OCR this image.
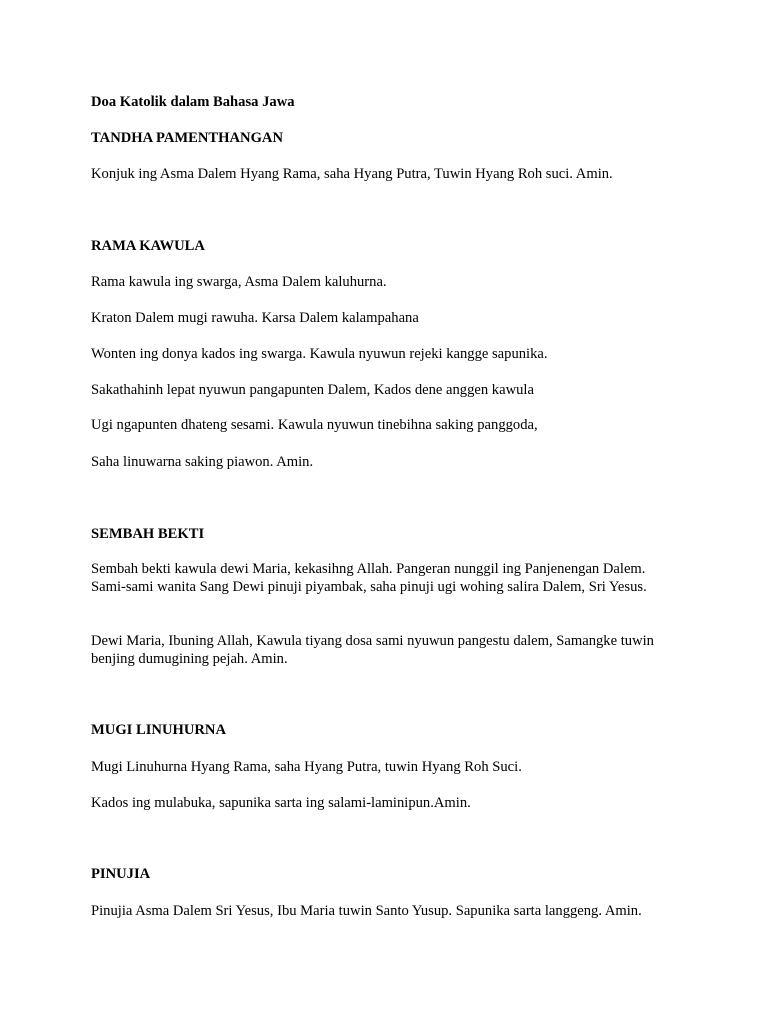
Doa Katolik dalam Bahasa Jawa

TANDHA PAMENTHANGAN

Konjuk ing Asma Dalem Hyang Rama, saha Hyang Putra, Tuwin Hyang Roh suci. Amin.

RAMA KAWULA

Rama kawula ing swarga, Asma Dalem kaluhurna.

Kraton Dalem mugi rawuha. Karsa Dalem kalampahana

Wonten ing donya kados ing swarga. Kawula nyuwun rejeki kangge sapunika.

Sakathahinh lepat nyuwun pangapunten Dalem, Kados dene anggen kawula

Ugi ngapunten dhateng sesami. Kawula nyuwun tinebihna saking panggoda,

Saha linuwarna saking piawon. Amin.

SEMBAH BEKTI

Sembah bekti kawula dewi Maria, kekasihng Allah. Pangeran nunggil ing Panjenengan Dalem. Sami-sami wanita Sang Dewi pinuji piyambak, saha pinuji ugi wohing salira Dalem, Sri Yesus.

Dewi Maria, Ibuning Allah, Kawula tiyang dosa sami nyuwun pangestu dalem, Samangke tuwin benjing dumugining pejah. Amin.

MUGI LINUHURNA

Mugi Linuhurna Hyang Rama, saha Hyang Putra, tuwin Hyang Roh Suci.

Kados ing mulabuka, sapunika sarta ing salami-laminipun.Amin.

PINUJIA

Pinujia Asma Dalem Sri Yesus, Ibu Maria tuwin Santo Yusup. Sapunika sarta langgeng. Amin.
